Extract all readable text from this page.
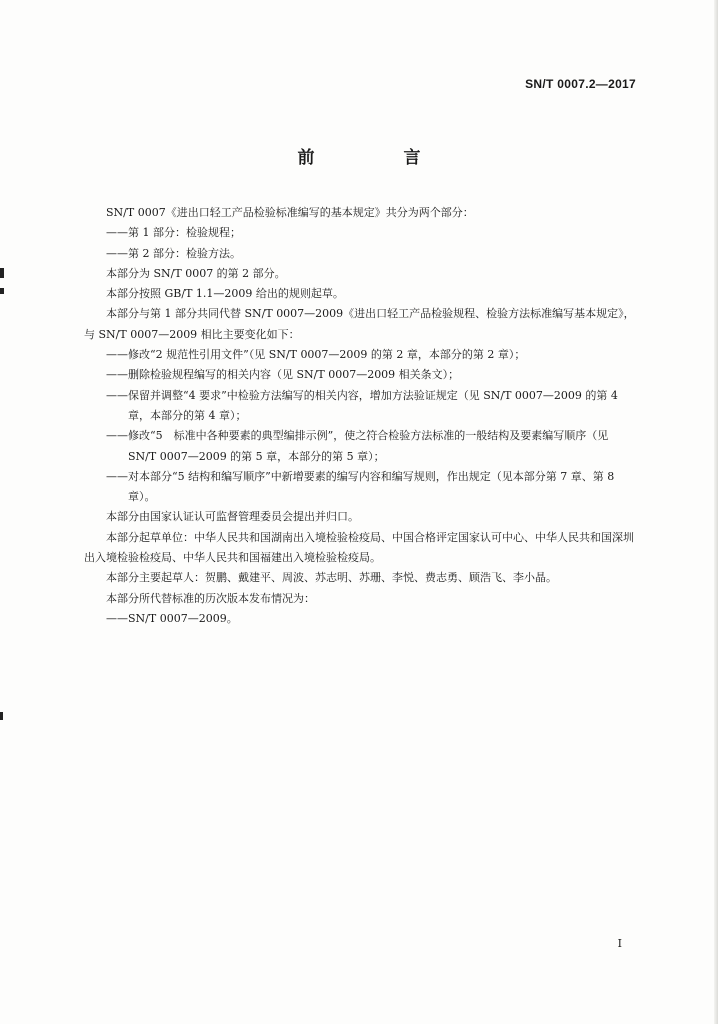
SN/T 0007.2—2017
前　言

SN/T 0007《进出口轻工产品检验标准编写的基本规定》共分为两个部分：

——第 1 部分：检验规程；

——第 2 部分：检验方法。

本部分为 SN/T 0007 的第 2 部分。

本部分按照 GB/T 1.1—2009 给出的规则起草。

本部分与第 1 部分共同代替 SN/T 0007—2009《进出口轻工产品检验规程、检验方法标准编写基本规定》，与 SN/T 0007—2009 相比主要变化如下：

——修改“2 规范性引用文件”（见 SN/T 0007—2009 的第 2 章，本部分的第 2 章）；

——删除检验规程编写的相关内容（见 SN/T 0007—2009 相关条文）；

——保留并调整“4 要求”中检验方法编写的相关内容，增加方法验证规定（见 SN/T 0007—2009 的第 4 章，本部分的第 4 章）；

——修改“5　标准中各种要素的典型编排示例”，使之符合检验方法标准的一般结构及要素编写顺序（见 SN/T 0007—2009 的第 5 章，本部分的第 5 章）；

——对本部分“5 结构和编写顺序”中新增要素的编写内容和编写规则，作出规定（见本部分第 7 章、第 8 章）。

本部分由国家认证认可监督管理委员会提出并归口。

本部分起草单位：中华人民共和国湖南出入境检验检疫局、中国合格评定国家认可中心、中华人民共和国深圳出入境检验检疫局、中华人民共和国福建出入境检验检疫局。

本部分主要起草人：贺鹏、戴建平、周波、苏志明、苏珊、李悦、费志勇、顾浩飞、李小晶。

本部分所代替标准的历次版本发布情况为：

——SN/T 0007—2009。

I
